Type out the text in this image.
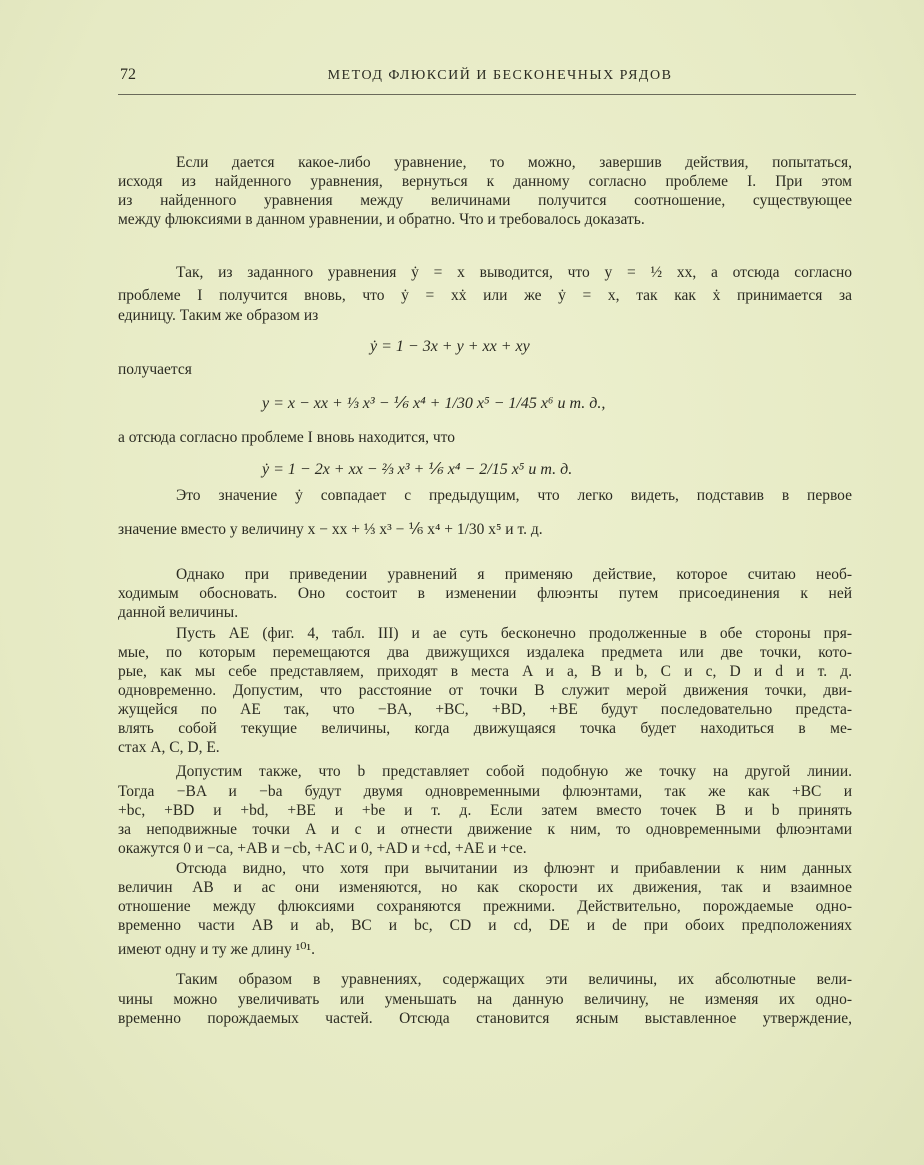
72	МЕТОД ФЛЮКСИЙ И БЕСКОНЕЧНЫХ РЯДОВ
Если дается какое-либо уравнение, то можно, завершив действия, попытаться,
исходя из найденного уравнения, вернуться к данному согласно проблеме I. При этом
из найденного уравнения между величинами получится соотношение, существующее
между флюксиями в данном уравнении, и обратно. Что и требовалось доказать.
Так, из заданного уравнения ẏ = x выводится, что y = ½ xx, а отсюда согласно
проблеме I получится вновь, что ẏ = xẋ или же ẏ = x, так как ẋ принимается за
единицу. Таким же образом из
ẏ = 1 − 3x + y + xx + xy
получается
y = x − xx + ⅓ x³ − ⅙ x⁴ + 1/30 x⁵ − 1/45 x⁶ и т. д.,
а отсюда согласно проблеме I вновь находится, что
ẏ = 1 − 2x + xx − ⅔ x³ + ⅙ x⁴ − 2/15 x⁵ и т. д.
Это значение ẏ совпадает с предыдущим, что легко видеть, подставив в первое
значение вместо y величину x − xx + ⅓ x³ − ⅙ x⁴ + 1/30 x⁵ и т. д.
Однако при приведении уравнений я применяю действие, которое считаю необ-
ходимым обосновать. Оно состоит в изменении флюэнты путем присоединения к ней
данной величины.
Пусть AE (фиг. 4, табл. III) и ae суть бесконечно продолженные в обе стороны пря-
мые, по которым перемещаются два движущихся издалека предмета или две точки, кото-
рые, как мы себе представляем, приходят в места A и a, B и b, C и c, D и d и т. д.
одновременно. Допустим, что расстояние от точки B служит мерой движения точки, дви-
жущейся по AE так, что −BA, +BC, +BD, +BE будут последовательно предста-
влять собой текущие величины, когда движущаяся точка будет находиться в ме-
стах A, C, D, E.
Допустим также, что b представляет собой подобную же точку на другой линии.
Тогда −BA и −ba будут двумя одновременными флюэнтами, так же как +BC и
+bc, +BD и +bd, +BE и +be и т. д. Если затем вместо точек B и b принять
за неподвижные точки A и c и отнести движение к ним, то одновременными флюэнтами
окажутся 0 и −ca, +AB и −cb, +AC и 0, +AD и +cd, +AE и +ce.
Отсюда видно, что хотя при вычитании из флюэнт и прибавлении к ним данных
величин AB и ac они изменяются, но как скорости их движения, так и взаимное
отношение между флюксиями сохраняются прежними. Действительно, порождаемые одно-
временно части AB и ab, BC и bc, CD и cd, DE и de при обоих предположениях
имеют одну и ту же длину ¹⁰¹.
Таким образом в уравнениях, содержащих эти величины, их абсолютные вели-
чины можно увеличивать или уменьшать на данную величину, не изменяя их одно-
временно порождаемых частей. Отсюда становится ясным выставленное утверждение,
